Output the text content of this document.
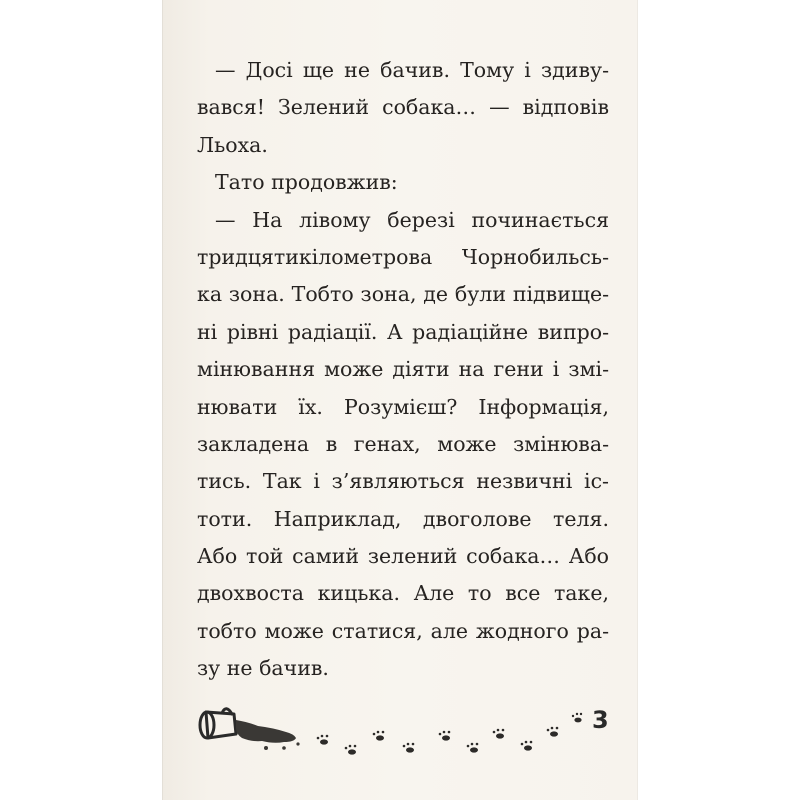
— Досі ще не бачив. Тому і здиву-
вався! Зелений собака… — відповів
Льоха.
Тато продовжив:
— На лівому березі починається
тридцятикілометрова Чорнобильсь-
ка зона. Тобто зона, де були підвище-
ні рівні радіації. А радіаційне випро-
мінювання може діяти на гени і змі-
нювати їх. Розумієш? Інформація,
закладена в генах, може змінюва-
тись. Так і з’являються незвичні іс-
тоти. Наприклад, двоголове теля.
Або той самий зелений собака… Або
двохвоста кицька. Але то все таке,
тобто може статися, але жодного ра-
зу не бачив.
3
